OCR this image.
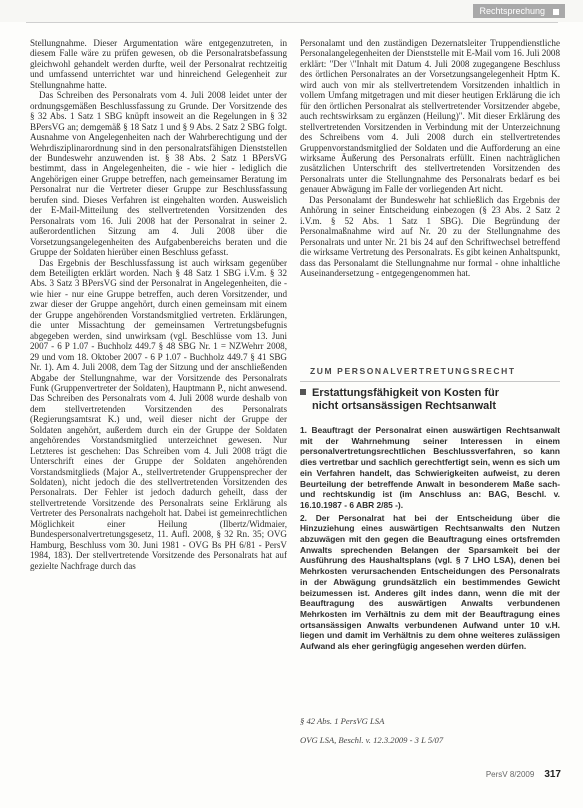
Rechtsprechung

Stellungnahme. Dieser Argumentation wäre entgegenzutreten, in diesem Falle wäre zu prüfen gewesen, ob die Personalratsbefassung gleichwohl gehandelt werden durfte, weil der Personalrat rechtzeitig und umfassend unterrichtet war und hinreichend Gelegenheit zur Stellungnahme hatte.

Das Schreiben des Personalrats vom 4. Juli 2008 leidet unter der ordnungsgemäßen Beschlussfassung zu Grunde. Der Vorsitzende des § 32 Abs. 1 Satz 1 SBG knüpft insoweit an die Regelungen in § 32 BPersVG an; demgemäß § 18 Satz 1 und § 9 Abs. 2 Satz 2 SBG folgt. Ausnahme von Angelegenheiten nach der Wahrberechtigung und der Wehrdisziplinarordnung sind in den personalratsfähigen Dienststellen der Bundeswehr anzuwenden ist. § 38 Abs. 2 Satz 1 BPersVG bestimmt, dass in Angelegenheiten, die - wie hier - lediglich die Angehörigen einer Gruppe betreffen, nach gemeinsamer Beratung im Personalrat nur die Vertreter dieser Gruppe zur Beschlussfassung berufen sind. Dieses Verfahren ist eingehalten worden. Ausweislich der E-Mail-Mitteilung des stellvertretenden Vorsitzenden des Personalrats vom 16. Juli 2008 hat der Personalrat in seiner 2. außerordentlichen Sitzung am 4. Juli 2008 über die Vorsetzungsangelegenheiten des Aufgabenbereichs beraten und die Gruppe der Soldaten hierüber einen Beschluss gefasst.

Das Ergebnis der Beschlussfassung ist auch wirksam gegenüber dem Beteiligten erklärt worden. Nach § 48 Satz 1 SBG i.V.m. § 32 Abs. 3 Satz 3 BPersVG sind der Personalrat in Angelegenheiten, die - wie hier - nur eine Gruppe betreffen, auch deren Vorsitzender, und zwar dieser der Gruppe angehört, durch einen gemeinsam mit einem der Gruppe angehörenden Vorstandsmitglied vertreten. Erklärungen, die unter Missachtung der gemeinsamen Vertretungsbefugnis abgegeben werden, sind unwirksam (vgl. Beschlüsse vom 13. Juni 2007 - 6 P 1.07 - Buchholz 449.7 § 48 SBG Nr. 1 = NZWehrr 2008, 29 und vom 18. Oktober 2007 - 6 P 1.07 - Buchholz 449.7 § 41 SBG Nr. 1). Am 4. Juli 2008, dem Tag der Sitzung und der anschließenden Abgabe der Stellungnahme, war der Vorsitzende des Personalrats Funk (Gruppenvertreter der Soldaten), Hauptmann P., nicht anwesend. Das Schreiben des Personalrats vom 4. Juli 2008 wurde deshalb von dem stellvertretenden Vorsitzenden des Personalrats (Regierungsamtsrat K.) und, weil dieser nicht der Gruppe der Soldaten angehört, außerdem durch ein der Gruppe der Soldaten angehörendes Vorstandsmitglied unterzeichnet gewesen. Nur Letzteres ist geschehen: Das Schreiben vom 4. Juli 2008 trägt die Unterschrift eines der Gruppe der Soldaten angehörenden Vorstandsmitglieds (Major A., stellvertretender Gruppensprecher der Soldaten), nicht jedoch die des stellvertretenden Vorsitzenden des Personalrats. Der Fehler ist jedoch dadurch geheilt, dass der stellvertretende Vorsitzende des Personalrats seine Erklärung als Vertreter des Personalrats nachgeholt hat. Dabei ist gemeinrechtlichen Möglichkeit einer Heilung (Ilbertz/Widmaier, Bundespersonalvertretungsgesetz, 11. Aufl. 2008, § 32 Rn. 35; OVG Hamburg, Beschluss vom 30. Juni 1981 - OVG Bs PH 6/81 - PersV 1984, 183). Der stellvertretende Vorsitzende des Personalrats hat auf gezielte Nachfrage durch das

Personalamt und den zuständigen Dezernatsleiter Truppendienstliche Personalangelegenheiten der Dienststelle mit E-Mail vom 16. Juli 2008 erklärt: "Der \"Inhalt mit Datum 4. Juli 2008 zugegangene Beschluss des örtlichen Personalrates an der Vorsetzungsangelegenheit Hptm K. wird auch von mir als stellvertretendem Vorsitzenden inhaltlich in vollem Umfang mitgetragen und mit dieser heutigen Erklärung die ich für den örtlichen Personalrat als stellvertretender Vorsitzender abgebe, auch rechtswirksam zu ergänzen (Heilung)". Mit dieser Erklärung des stellvertretenden Vorsitzenden in Verbindung mit der Unterzeichnung des Schreibens vom 4. Juli 2008 durch ein stellvertretendes Gruppenvorstandsmitglied der Soldaten und die Aufforderung an eine wirksame Äußerung des Personalrats erfüllt. Einen nachträglichen zusätzlichen Unterschrift des stellvertretenden Vorsitzenden des Personalrats unter die Stellungnahme des Personalrats bedarf es bei genauer Abwägung im Falle der vorliegenden Art nicht.

Das Personalamt der Bundeswehr hat schließlich das Ergebnis der Anhörung in seiner Entscheidung einbezogen (§ 23 Abs. 2 Satz 2 i.V.m. § 52 Abs. 1 Satz 1 SBG). Die Begründung der Personalmaßnahme wird auf Nr. 20 zu der Stellungnahme des Personalrats und unter Nr. 21 bis 24 auf den Schriftwechsel betreffend die wirksame Vertretung des Personalrats. Es gibt keinen Anhaltspunkt, dass das Personalamt die Stellungnahme nur formal - ohne inhaltliche Auseinandersetzung - entgegengenommen hat.

ZUM PERSONALVERTRETUNGSRECHT
Erstattungsfähigkeit von Kosten für
nicht ortsansässigen Rechtsanwalt

1. Beauftragt der Personalrat einen auswärtigen Rechtsanwalt mit der Wahrnehmung seiner Interessen in einem personalvertretungsrechtlichen Beschlussverfahren, so kann dies vertretbar und sachlich gerechtfertigt sein, wenn es sich um ein Verfahren handelt, das Schwierigkeiten aufweist, zu deren Beurteilung der betreffende Anwalt in besonderem Maße sach- und rechtskundig ist (im Anschluss an: BAG, Beschl. v. 16.10.1987 - 6 ABR 2/85 -).

2. Der Personalrat hat bei der Entscheidung über die Hinzuziehung eines auswärtigen Rechtsanwalts den Nutzen abzuwägen mit den gegen die Beauftragung eines ortsfremden Anwalts sprechenden Belangen der Sparsamkeit bei der Ausführung des Haushaltsplans (vgl. § 7 LHO LSA), denen bei Mehrkosten verursachenden Entscheidungen des Personalrats in der Abwägung grundsätzlich ein bestimmendes Gewicht beizumessen ist. Anderes gilt indes dann, wenn die mit der Beauftragung des auswärtigen Anwalts verbundenen Mehrkosten im Verhältnis zu dem mit der Beauftragung eines ortsansässigen Anwalts verbundenen Aufwand unter 10 v.H. liegen und damit im Verhältnis zu dem ohne weiteres zulässigen Aufwand als eher geringfügig angesehen werden dürfen.

§ 42 Abs. 1 PersVG LSA
OVG LSA, Beschl. v. 12.3.2009 - 3 L 5/07
PersV 8/2009 317
